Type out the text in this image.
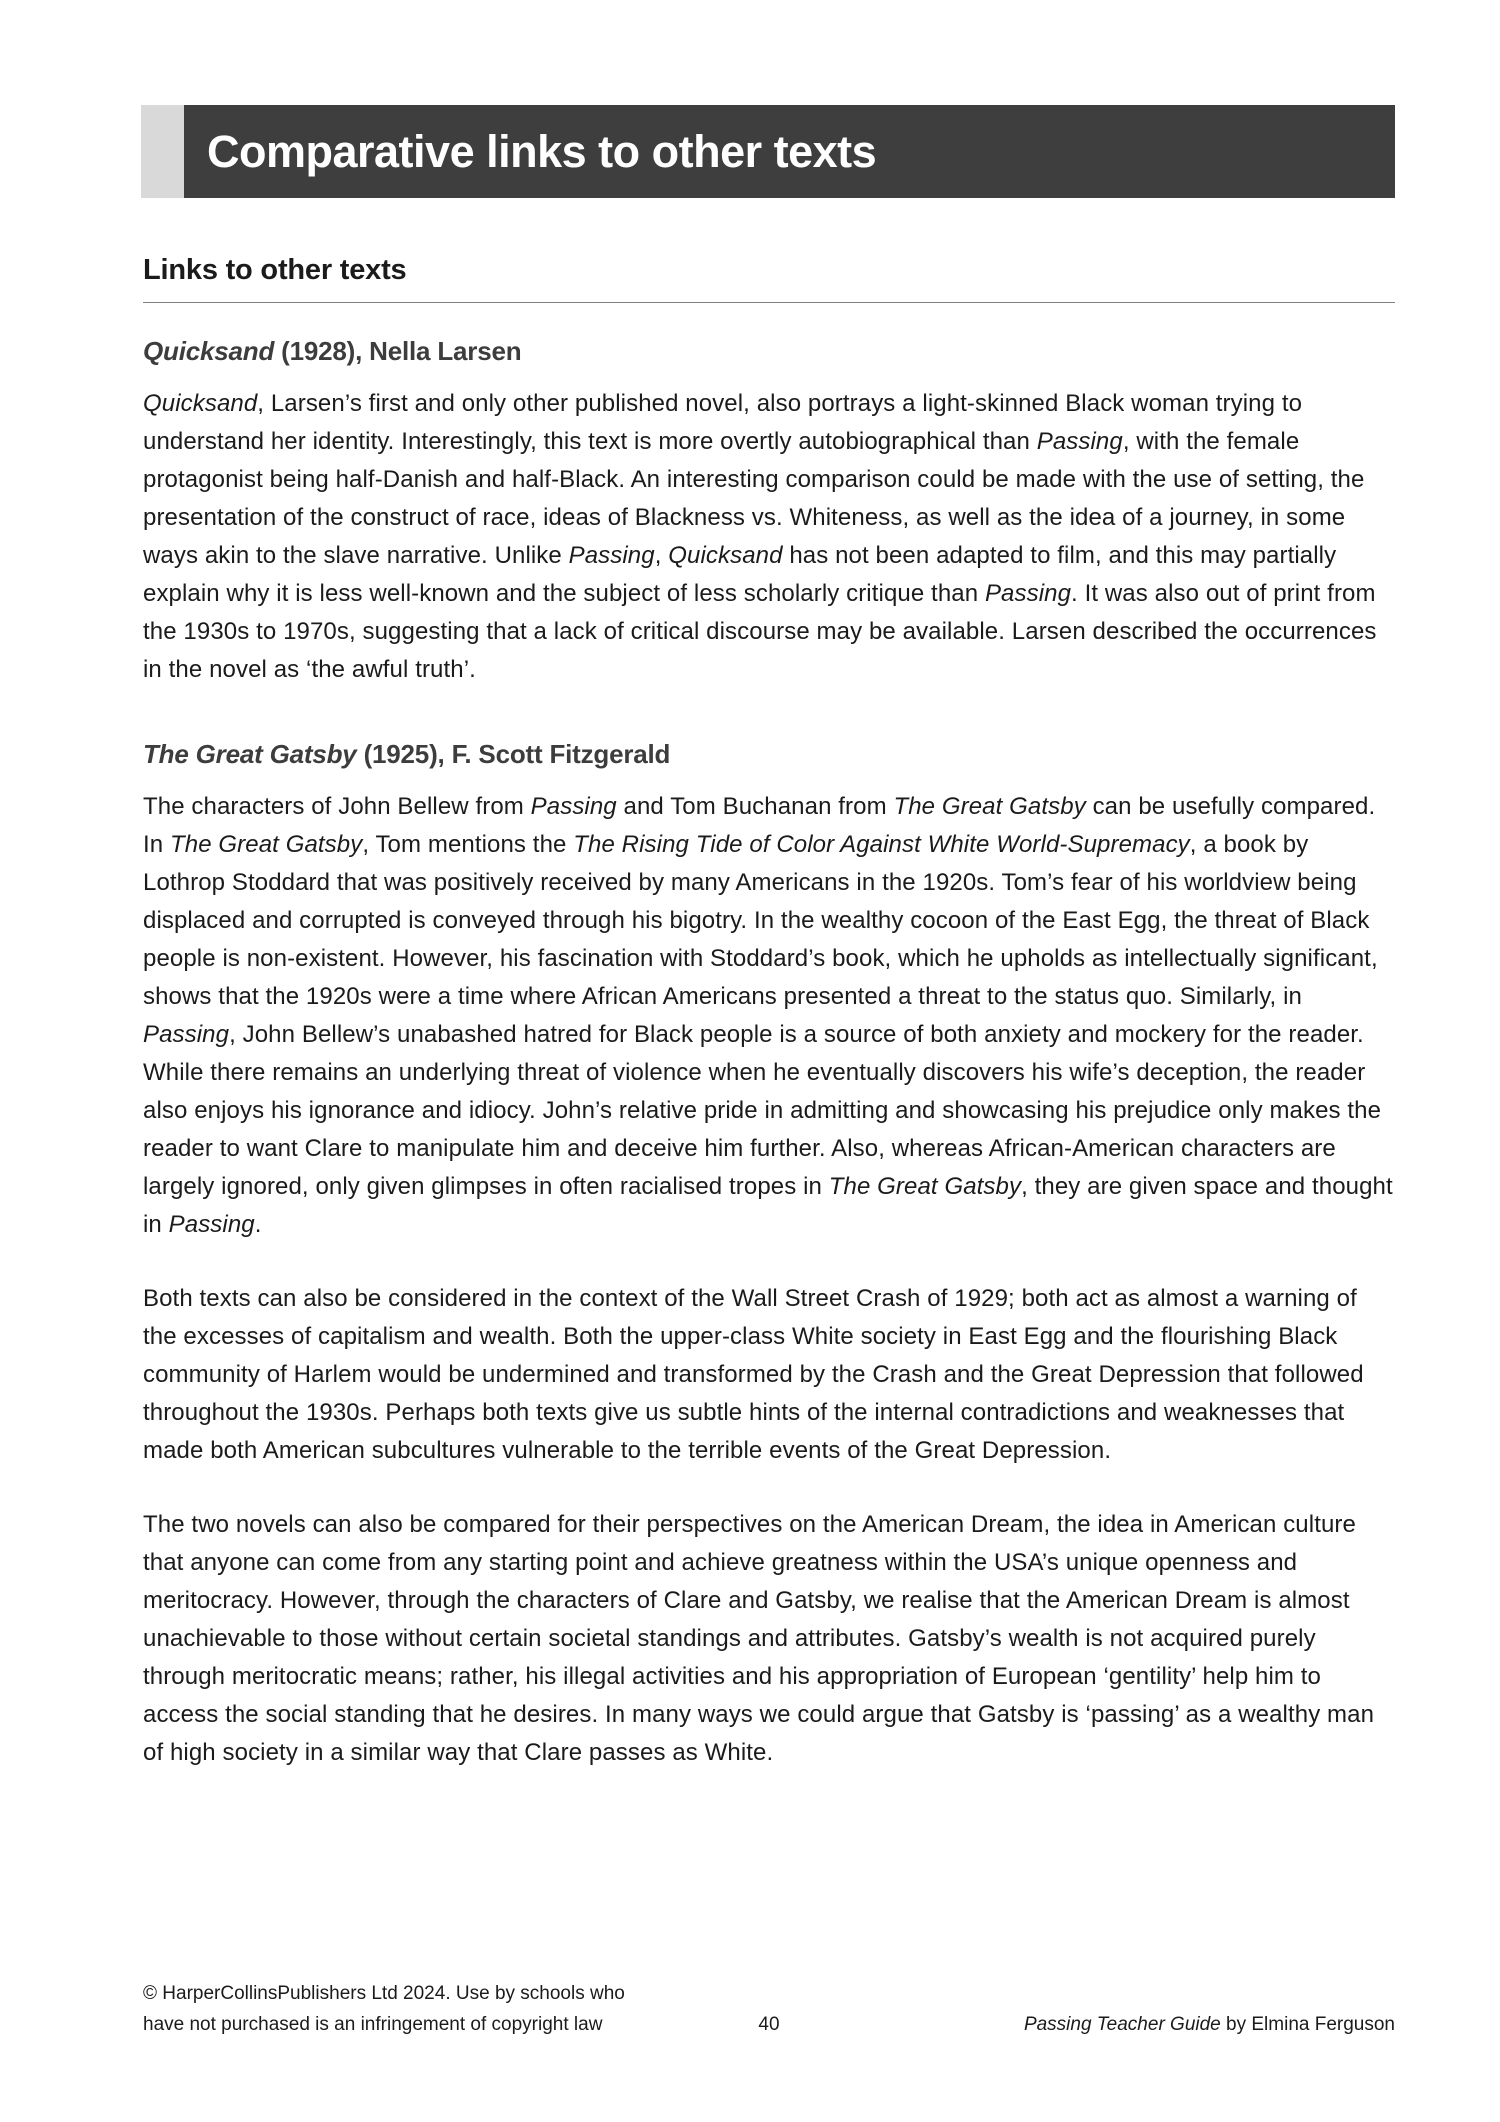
Comparative links to other texts
Links to other texts
Quicksand (1928), Nella Larsen

Quicksand, Larsen’s first and only other published novel, also portrays a light-skinned Black woman trying to understand her identity. Interestingly, this text is more overtly autobiographical than Passing, with the female protagonist being half-Danish and half-Black. An interesting comparison could be made with the use of setting, the presentation of the construct of race, ideas of Blackness vs. Whiteness, as well as the idea of a journey, in some ways akin to the slave narrative. Unlike Passing, Quicksand has not been adapted to film, and this may partially explain why it is less well-known and the subject of less scholarly critique than Passing. It was also out of print from the 1930s to 1970s, suggesting that a lack of critical discourse may be available. Larsen described the occurrences in the novel as ‘the awful truth’.

The Great Gatsby (1925), F. Scott Fitzgerald

The characters of John Bellew from Passing and Tom Buchanan from The Great Gatsby can be usefully compared. In The Great Gatsby, Tom mentions the The Rising Tide of Color Against White World-Supremacy, a book by Lothrop Stoddard that was positively received by many Americans in the 1920s. Tom’s fear of his worldview being displaced and corrupted is conveyed through his bigotry. In the wealthy cocoon of the East Egg, the threat of Black people is non-existent. However, his fascination with Stoddard’s book, which he upholds as intellectually significant, shows that the 1920s were a time where African Americans presented a threat to the status quo. Similarly, in Passing, John Bellew’s unabashed hatred for Black people is a source of both anxiety and mockery for the reader. While there remains an underlying threat of violence when he eventually discovers his wife’s deception, the reader also enjoys his ignorance and idiocy. John’s relative pride in admitting and showcasing his prejudice only makes the reader to want Clare to manipulate him and deceive him further. Also, whereas African-American characters are largely ignored, only given glimpses in often racialised tropes in The Great Gatsby, they are given space and thought in Passing.

Both texts can also be considered in the context of the Wall Street Crash of 1929; both act as almost a warning of the excesses of capitalism and wealth. Both the upper-class White society in East Egg and the flourishing Black community of Harlem would be undermined and transformed by the Crash and the Great Depression that followed throughout the 1930s. Perhaps both texts give us subtle hints of the internal contradictions and weaknesses that made both American subcultures vulnerable to the terrible events of the Great Depression.

The two novels can also be compared for their perspectives on the American Dream, the idea in American culture that anyone can come from any starting point and achieve greatness within the USA’s unique openness and meritocracy. However, through the characters of Clare and Gatsby, we realise that the American Dream is almost unachievable to those without certain societal standings and attributes. Gatsby’s wealth is not acquired purely through meritocratic means; rather, his illegal activities and his appropriation of European ‘gentility’ help him to access the social standing that he desires. In many ways we could argue that Gatsby is ‘passing’ as a wealthy man of high society in a similar way that Clare passes as White.

© HarperCollinsPublishers Ltd 2024. Use by schools who
have not purchased is an infringement of copyright law	40	Passing Teacher Guide by Elmina Ferguson
